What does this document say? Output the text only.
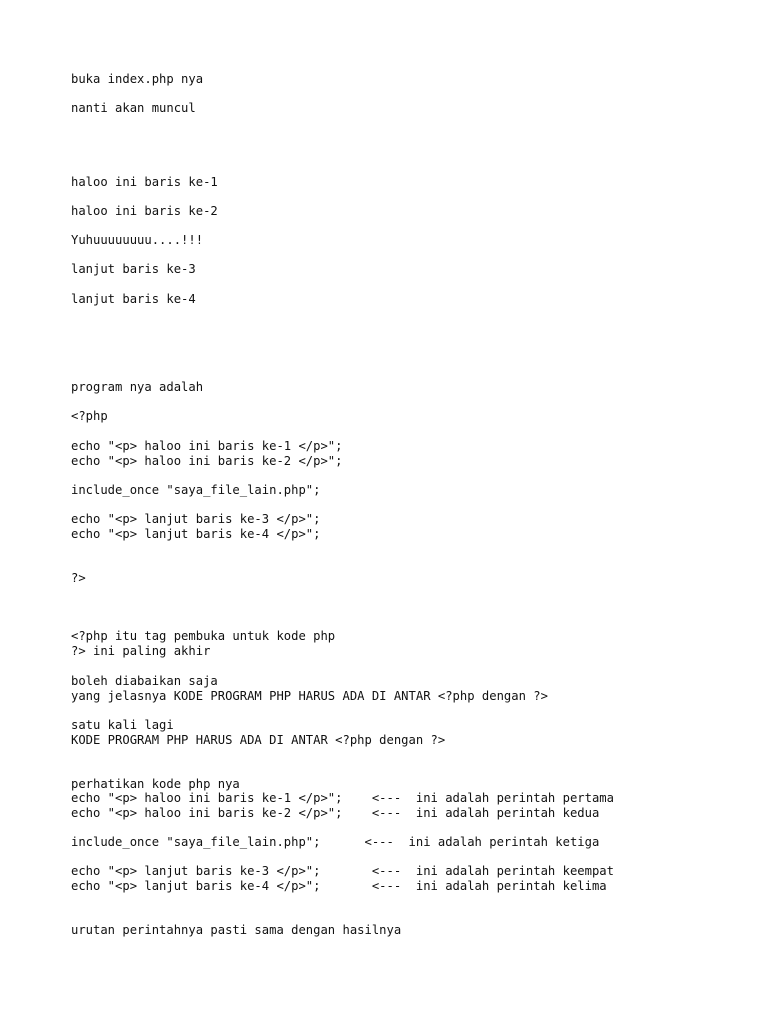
buka index.php nya

nanti akan muncul

haloo ini baris ke-1

haloo ini baris ke-2

Yuhuuuuuuuu....!!!

lanjut baris ke-3

lanjut baris ke-4

program nya adalah

<?php

echo "<p> haloo ini baris ke-1 </p>";

echo "<p> haloo ini baris ke-2 </p>";

include_once "saya_file_lain.php";

echo "<p> lanjut baris ke-3 </p>";

echo "<p> lanjut baris ke-4 </p>";

?>

<?php itu tag pembuka untuk kode php

?> ini paling akhir

boleh diabaikan saja

yang jelasnya KODE PROGRAM PHP HARUS ADA DI ANTAR <?php dengan ?>

satu kali lagi

KODE PROGRAM PHP HARUS ADA DI ANTAR <?php dengan ?>

perhatikan kode php nya

echo "<p> haloo ini baris ke-1 </p>";    <---  ini adalah perintah pertama

echo "<p> haloo ini baris ke-2 </p>";    <---  ini adalah perintah kedua

include_once "saya_file_lain.php";      <---  ini adalah perintah ketiga

echo "<p> lanjut baris ke-3 </p>";       <---  ini adalah perintah keempat

echo "<p> lanjut baris ke-4 </p>";       <---  ini adalah perintah kelima

urutan perintahnya pasti sama dengan hasilnya
